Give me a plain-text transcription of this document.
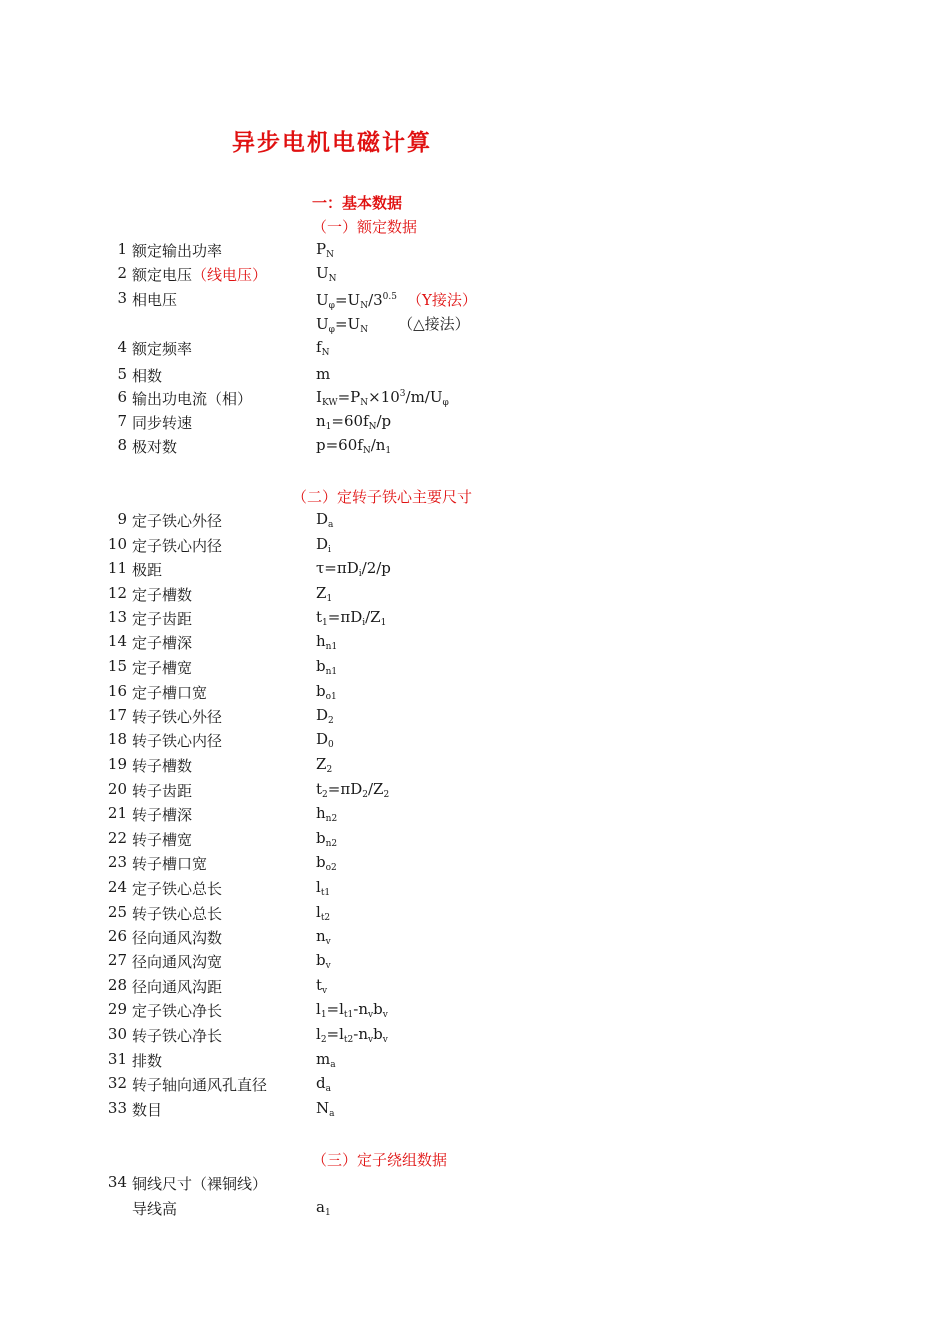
异步电机电磁计算
一：基本数据
（一）额定数据
（二）定转子铁心主要尺寸
（三）定子绕组数据
1 额定输出功率	$P_N$
2 额定电压（线电压）	$U_N$
3 相电压	$U_\varphi=U_N/3^{0.5}$ （Y接法）
$U_\varphi=U_N$ （△接法）
4 额定频率	$f_N$
5 相数	m
6 输出功电流（相）	$I_{KW}=P_N\times 10^3/m/U_\varphi$
7 同步转速	$n_1=60f_N/p$
8 极对数	$p=60f_N/n_1$
9 定子铁心外径	$D_a$
10 定子铁心内径	$D_i$
11 极距	$\tau=\pi D_i/2/p$
12 定子槽数	$Z_1$
13 定子齿距	$t_1=\pi D_i/Z_1$
14 定子槽深	$h_{n1}$
15 定子槽宽	$b_{n1}$
16 定子槽口宽	$b_{o1}$
17 转子铁心外径	$D_2$
18 转子铁心内径	$D_0$
19 转子槽数	$Z_2$
20 转子齿距	$t_2=\pi D_2/Z_2$
21 转子槽深	$h_{n2}$
22 转子槽宽	$b_{n2}$
23 转子槽口宽	$b_{o2}$
24 定子铁心总长	$l_{t1}$
25 转子铁心总长	$l_{t2}$
26 径向通风沟数	$n_v$
27 径向通风沟宽	$b_v$
28 径向通风沟距	$t_v$
29 定子铁心净长	$l_1=l_{t1}-n_vb_v$
30 转子铁心净长	$l_2=l_{t2}-n_vb_v$
31 排数	$m_a$
32 转子轴向通风孔直径	$d_a$
33 数目	$N_a$
34 铜线尺寸（裸铜线）
导线高	$a_1$
